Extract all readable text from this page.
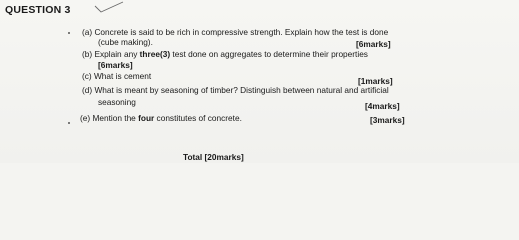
QUESTION 3
(a) Concrete is said to be rich in compressive strength. Explain how the test is done
(cube making).	[6marks]
(b) Explain any three(3) test done on aggregates to determine their properties
[6marks]
(c) What is cement	[1marks]
(d) What is meant by seasoning of timber? Distinguish between natural and artificial
seasoning	[4marks]
(e) Mention the four constitutes of concrete.	[3marks]
Total [20marks]
